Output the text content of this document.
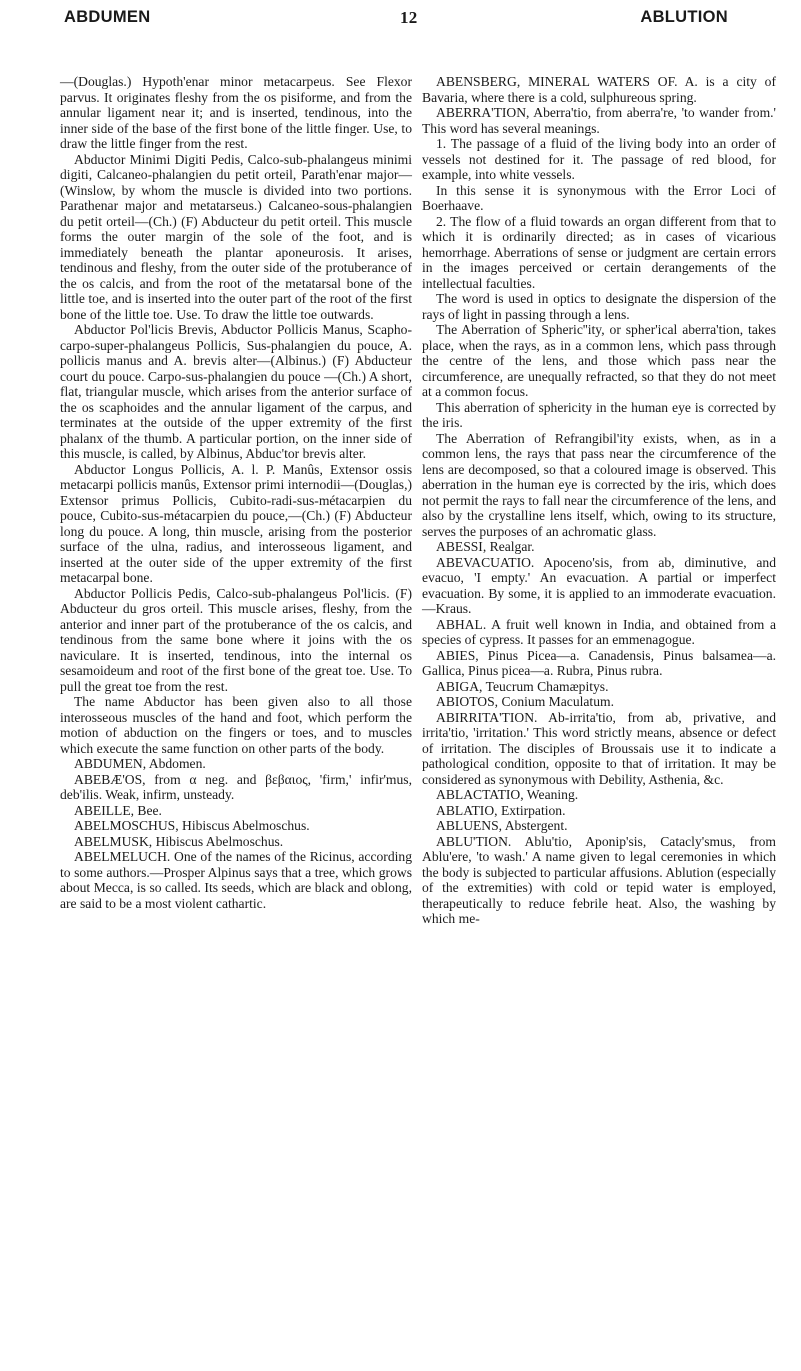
ABDUMEN	12	ABLUTION

—(Douglas.) Hypoth'enar minor metacarpeus. See Flexor parvus. It originates fleshy from the os pisiforme, and from the annular ligament near it; and is inserted, tendinous, into the inner side of the base of the first bone of the little finger. Use, to draw the little finger from the rest.

Abductor Minimi Digiti Pedis, Calco-sub-phalangeus minimi digiti, Calcaneo-phalangien du petit orteil, Parath'enar major—(Winslow, by whom the muscle is divided into two portions. Parathenar major and metatarseus.) Calcaneo-sous-phalangien du petit orteil—(Ch.) (F) Abducteur du petit orteil. This muscle forms the outer margin of the sole of the foot, and is immediately beneath the plantar aponeurosis. It arises, tendinous and fleshy, from the outer side of the protuberance of the os calcis, and from the root of the metatarsal bone of the little toe, and is inserted into the outer part of the root of the first bone of the little toe. Use. To draw the little toe outwards.

Abductor Pol'licis Brevis, Abductor Pollicis Manus, Scapho-carpo-super-phalangeus Pollicis, Sus-phalangien du pouce, A. pollicis manus and A. brevis alter—(Albinus.) (F) Abducteur court du pouce. Carpo-sus-phalangien du pouce —(Ch.) A short, flat, triangular muscle, which arises from the anterior surface of the os scaphoides and the annular ligament of the carpus, and terminates at the outside of the upper extremity of the first phalanx of the thumb. A particular portion, on the inner side of this muscle, is called, by Albinus, Abduc'tor brevis alter.

Abductor Longus Pollicis, A. l. P. Manûs, Extensor ossis metacarpi pollicis manûs, Extensor primi internodii—(Douglas,) Extensor primus Pollicis, Cubito-radi-sus-métacarpien du pouce, Cubito-sus-métacarpien du pouce,—(Ch.) (F) Abducteur long du pouce. A long, thin muscle, arising from the posterior surface of the ulna, radius, and interosseous ligament, and inserted at the outer side of the upper extremity of the first metacarpal bone.

Abductor Pollicis Pedis, Calco-sub-phalangeus Pol'licis. (F) Abducteur du gros orteil. This muscle arises, fleshy, from the anterior and inner part of the protuberance of the os calcis, and tendinous from the same bone where it joins with the os naviculare. It is inserted, tendinous, into the internal os sesamoideum and root of the first bone of the great toe. Use. To pull the great toe from the rest.

The name Abductor has been given also to all those interosseous muscles of the hand and foot, which perform the motion of abduction on the fingers or toes, and to muscles which execute the same function on other parts of the body.

ABDUMEN, Abdomen.

ABEBÆ'OS, from α neg. and βεβαιος, 'firm,' infir'mus, deb'ilis. Weak, infirm, unsteady.

ABEILLE, Bee.

ABELMOSCHUS, Hibiscus Abelmoschus.

ABELMUSK, Hibiscus Abelmoschus.

ABELMELUCH. One of the names of the Ricinus, according to some authors.—Prosper Alpinus says that a tree, which grows about Mecca, is so called. Its seeds, which are black and oblong, are said to be a most violent cathartic.

ABENSBERG, MINERAL WATERS OF. A. is a city of Bavaria, where there is a cold, sulphureous spring.

ABERRA'TION, Aberra'tio, from aberra're, 'to wander from.' This word has several meanings.

1. The passage of a fluid of the living body into an order of vessels not destined for it. The passage of red blood, for example, into white vessels.

In this sense it is synonymous with the Error Loci of Boerhaave.

2. The flow of a fluid towards an organ different from that to which it is ordinarily directed; as in cases of vicarious hemorrhage. Aberrations of sense or judgment are certain errors in the images perceived or certain derangements of the intellectual faculties.

The word is used in optics to designate the dispersion of the rays of light in passing through a lens.

The Aberration of Spheric''ity, or spher'ical aberra'tion, takes place, when the rays, as in a common lens, which pass through the centre of the lens, and those which pass near the circumference, are unequally refracted, so that they do not meet at a common focus.

This aberration of sphericity in the human eye is corrected by the iris.

The Aberration of Refrangibil'ity exists, when, as in a common lens, the rays that pass near the circumference of the lens are decomposed, so that a coloured image is observed. This aberration in the human eye is corrected by the iris, which does not permit the rays to fall near the circumference of the lens, and also by the crystalline lens itself, which, owing to its structure, serves the purposes of an achromatic glass.

ABESSI, Realgar.

ABEVACUATIO. Apoceno'sis, from ab, diminutive, and evacuo, 'I empty.' An evacuation. A partial or imperfect evacuation. By some, it is applied to an immoderate evacuation.—Kraus.

ABHAL. A fruit well known in India, and obtained from a species of cypress. It passes for an emmenagogue.

ABIES, Pinus Picea—a. Canadensis, Pinus balsamea—a. Gallica, Pinus picea—a. Rubra, Pinus rubra.

ABIGA, Teucrum Chamæpitys.

ABIOTOS, Conium Maculatum.

ABIRRITA'TION. Ab-irrita'tio, from ab, privative, and irrita'tio, 'irritation.' This word strictly means, absence or defect of irritation. The disciples of Broussais use it to indicate a pathological condition, opposite to that of irritation. It may be considered as synonymous with Debility, Asthenia, &c.

ABLACTATIO, Weaning.

ABLATIO, Extirpation.

ABLUENS, Abstergent.

ABLU'TION. Ablu'tio, Aponip'sis, Catacly'smus, from Ablu'ere, 'to wash.' A name given to legal ceremonies in which the body is subjected to particular affusions. Ablution (especially of the extremities) with cold or tepid water is employed, therapeutically to reduce febrile heat. Also, the washing by which me-
